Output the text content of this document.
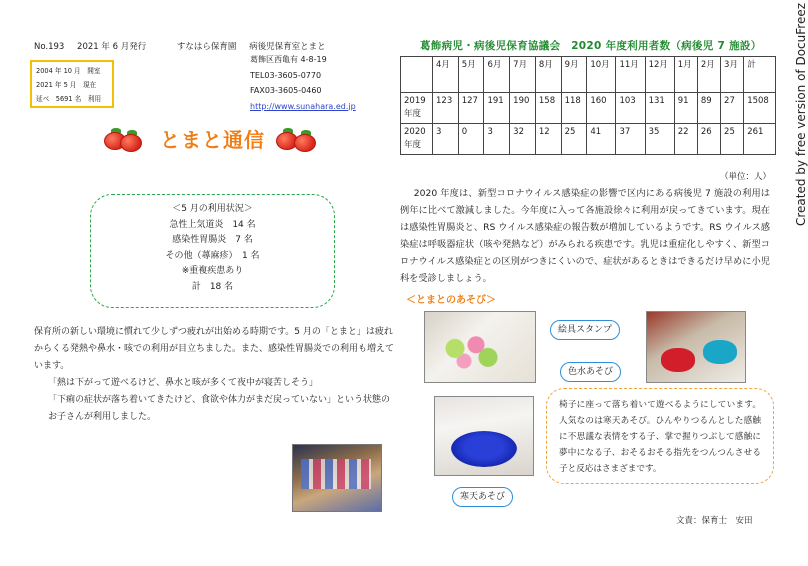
No.193 2021 年 6 月発行	すなはら保育園 病後児保育室とまと
2004 年 10 月　開室
2021 年 5 月　現在
延べ　5691 名　利用
葛飾区西亀有 4-8-19
TEL03-3605-0770
FAX03-3605-0460
http://www.sunahara.ed.jp
とまと通信
＜5 月の利用状況＞
急性上気道炎　14 名
感染性胃腸炎　7 名
その他（蕁麻疹）　1 名
※重複疾患あり
計　18 名

保育所の新しい環境に慣れて少しずつ疲れが出始める時期です。5 月の「とまと」は疲れからくる発熱や鼻水・咳での利用が目立ちました。また、感染性胃腸炎での利用も増えています。

「熱は下がって遊べるけど、鼻水と咳が多くて夜中が寝苦しそう」

「下痢の症状が落ち着いてきたけど、食欲や体力がまだ戻っていない」という状態のお子さんが利用しました。

葛飾病児・病後児保育協議会　2020 年度利用者数（病後児 7 施設）
	4月	5月	6月	7月	8月	9月	10月	11月	12月	1月	2月	3月	計
2019年度	123	127	191	190	158	118	160	103	131	91	89	27	1508
2020年度	3	0	3	32	12	25	41	37	35	22	26	25	261
（単位：人）

2020 年度は、新型コロナウイルス感染症の影響で区内にある病後児 7 施設の利用は例年に比べて激減しました。今年度に入って各施設徐々に利用が戻ってきています。現在は感染性胃腸炎と、RS ウイルス感染症の報告数が増加しているようです。RS ウイルス感染症は呼吸器症状（咳や発熱など）がみられる疾患です。乳児は重症化しやすく、新型コロナウイルス感染症との区別がつきにくいので、症状があるときはできるだけ早めに小児科を受診しましょう。

＜とまとのあそび＞
絵具スタンプ
色水あそび
寒天あそび
椅子に座って落ち着いて遊べるようにしています。人気なのは寒天あそび。ひんやりつるんとした感触に不思議な表情をする子、掌で握りつぶして感触に夢中になる子、おそるおそる指先をつんつんさせる子と反応はさまざまです。
文責：保育士　安田
Created by free version of DocuFreez
